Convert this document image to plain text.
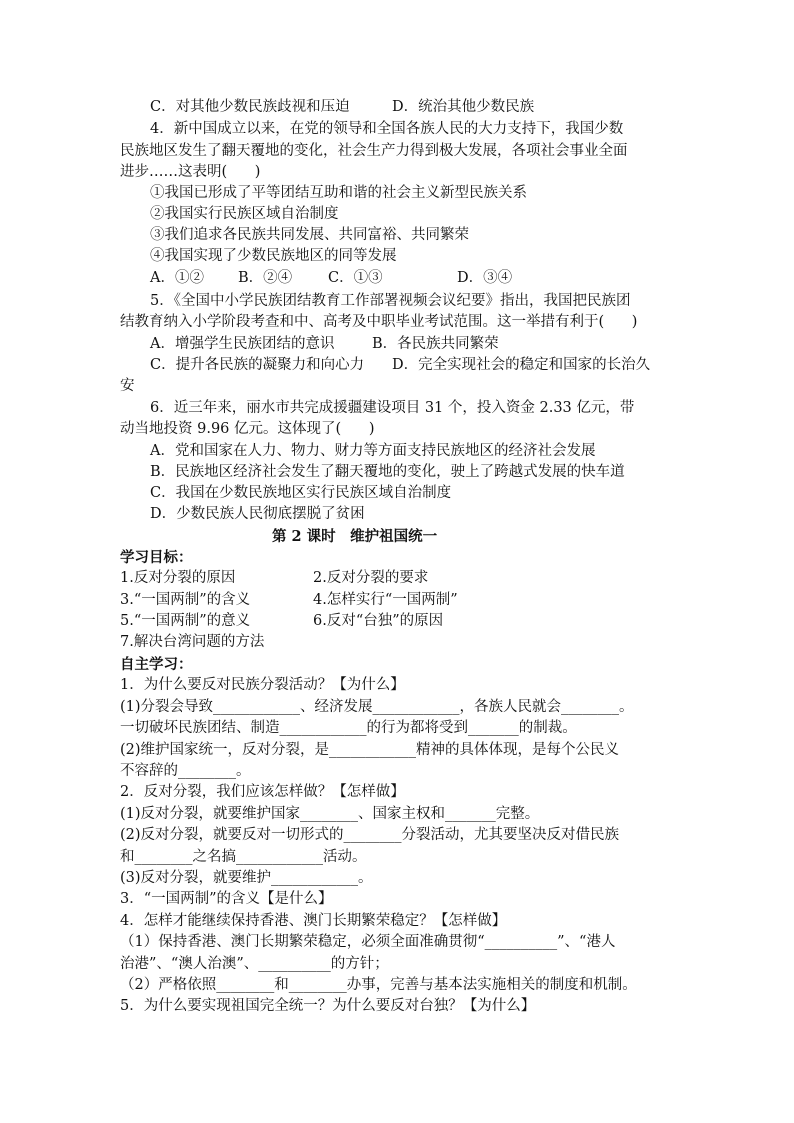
C．对其他少数民族歧视和压迫	D．统治其他少数民族
4．新中国成立以来，在党的领导和全国各族人民的大力支持下，我国少数
民族地区发生了翻天覆地的变化，社会生产力得到极大发展，各项社会事业全面
进步……这表明(      )
①我国已形成了平等团结互助和谐的社会主义新型民族关系
②我国实行民族区域自治制度
③我们追求各民族共同发展、共同富裕、共同繁荣
④我国实现了少数民族地区的同等发展
A．①② B．②④ C．①③	D．③④
5．《全国中小学民族团结教育工作部署视频会议纪要》指出，我国把民族团
结教育纳入小学阶段考查和中、高考及中职毕业考试范围。这一举措有利于(      )
A．增强学生民族团结的意识	B．各民族共同繁荣
C．提升各民族的凝聚力和向心力 D．完全实现社会的稳定和国家的长治久
安
6．近三年来，丽水市共完成援疆建设项目 31 个，投入资金 2.33 亿元，带
动当地投资 9.96 亿元。这体现了(      )
A．党和国家在人力、物力、财力等方面支持民族地区的经济社会发展
B．民族地区经济社会发生了翻天覆地的变化，驶上了跨越式发展的快车道
C．我国在少数民族地区实行民族区域自治制度
D．少数民族人民彻底摆脱了贫困
第 2 课时　维护祖国统一
学习目标：
1.反对分裂的原因	2.反对分裂的要求
3.“一国两制”的含义	4.怎样实行“一国两制”
5.“一国两制”的意义	6.反对“台独”的原因
7.解决台湾问题的方法
自主学习：
1．为什么要反对民族分裂活动？【为什么】
(1)分裂会导致____________、经济发展____________，各族人民就会________。
一切破坏民族团结、制造____________的行为都将受到_______的制裁。
(2)维护国家统一，反对分裂，是____________精神的具体体现，是每个公民义
不容辞的________。
2．反对分裂，我们应该怎样做？【怎样做】
(1)反对分裂，就要维护国家________、国家主权和_______完整。
(2)反对分裂，就要反对一切形式的________分裂活动，尤其要坚决反对借民族
和________之名搞____________活动。
(3)反对分裂，就要维护____________。
3．“一国两制”的含义【是什么】
4．怎样才能继续保持香港、澳门长期繁荣稳定？【怎样做】
（1）保持香港、澳门长期繁荣稳定，必须全面准确贯彻“__________”、“港人
治港”、“澳人治澳”、__________的方针；
（2）严格依照________和________办事，完善与基本法实施相关的制度和机制。
5．为什么要实现祖国完全统一？为什么要反对台独？【为什么】
